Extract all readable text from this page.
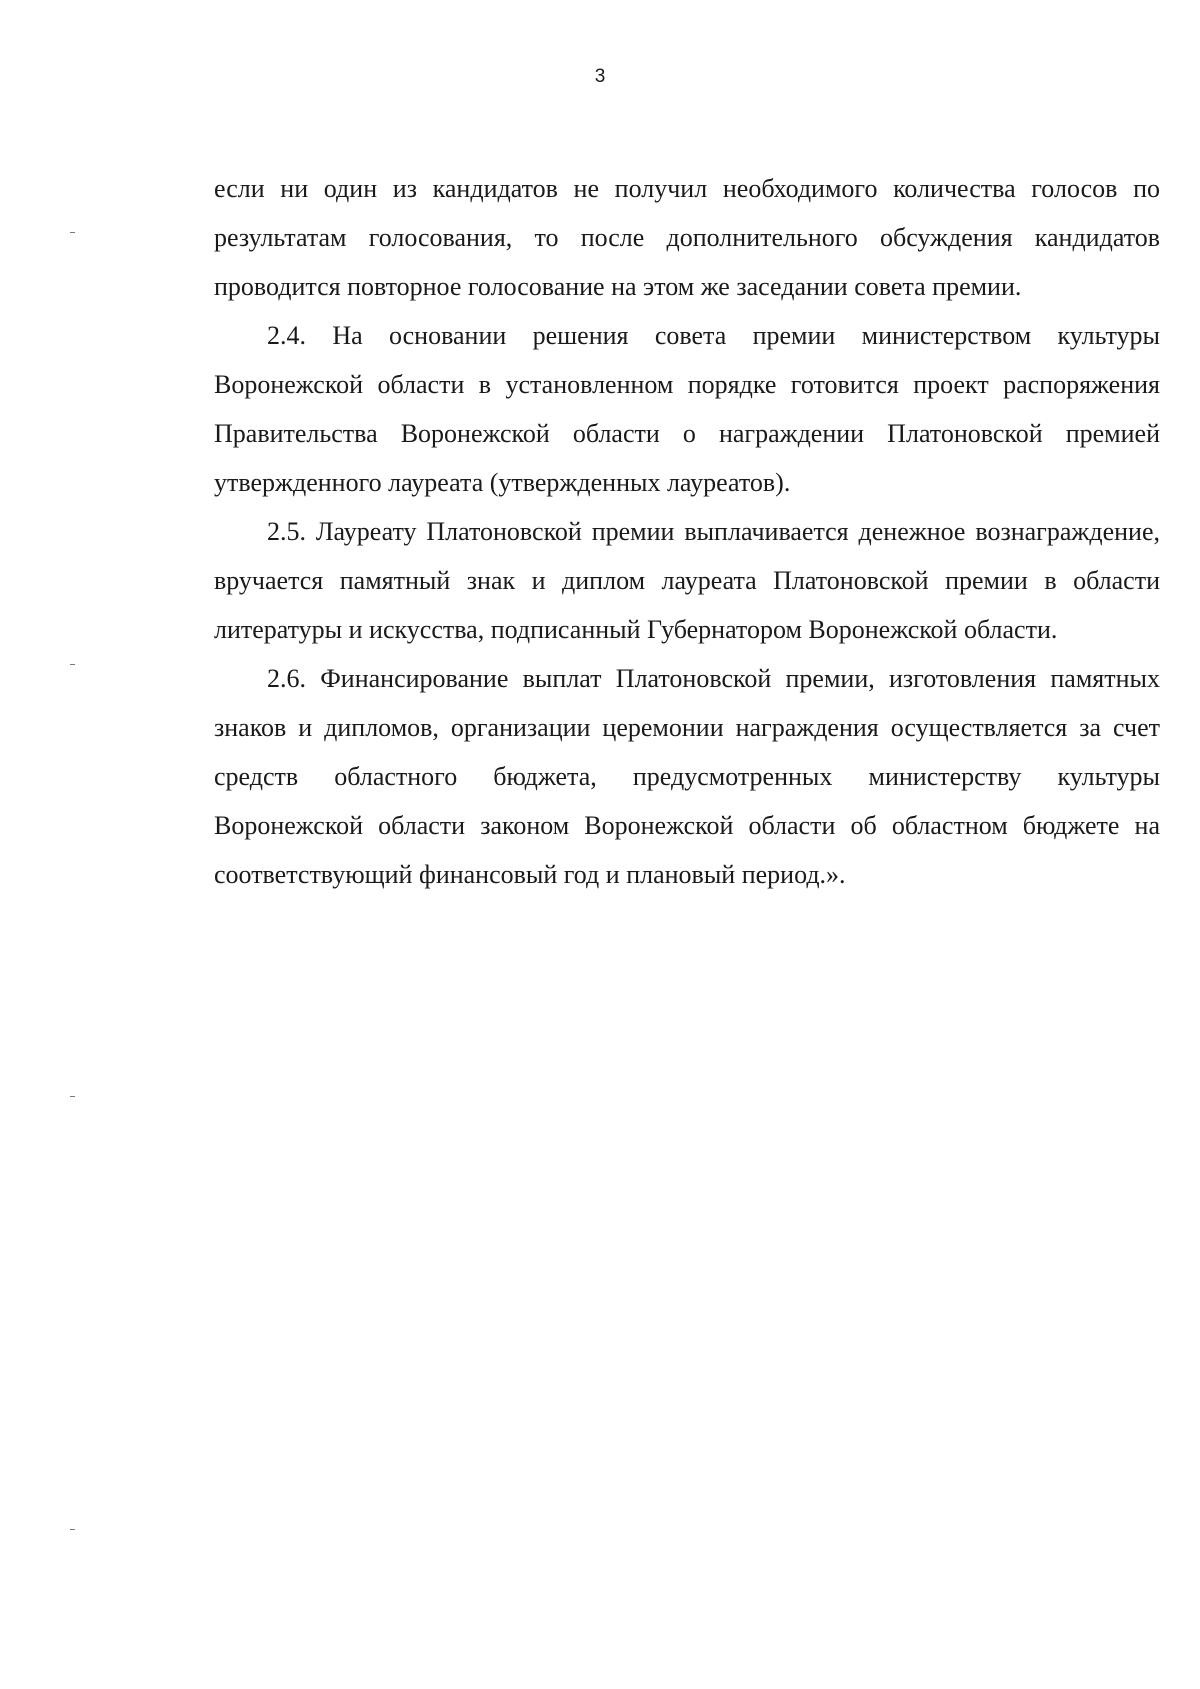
3

если ни один из кандидатов не получил необходимого количества голосов по результатам голосования, то после дополнительного обсуждения кандидатов проводится повторное голосование на этом же заседании совета премии.

2.4. На основании решения совета премии министерством культуры Воронежской области в установленном порядке готовится проект распоряжения Правительства Воронежской области о награждении Платоновской премией утвержденного лауреата (утвержденных лауреатов).

2.5. Лауреату Платоновской премии выплачивается денежное вознаграждение, вручается памятный знак и диплом лауреата Платоновской премии в области литературы и искусства, подписанный Губернатором Воронежской области.

2.6. Финансирование выплат Платоновской премии, изготовления памятных знаков и дипломов, организации церемонии награждения осуществляется за счет средств областного бюджета, предусмотренных министерству культуры Воронежской области законом Воронежской области об областном бюджете на соответствующий финансовый год и плановый период.».
